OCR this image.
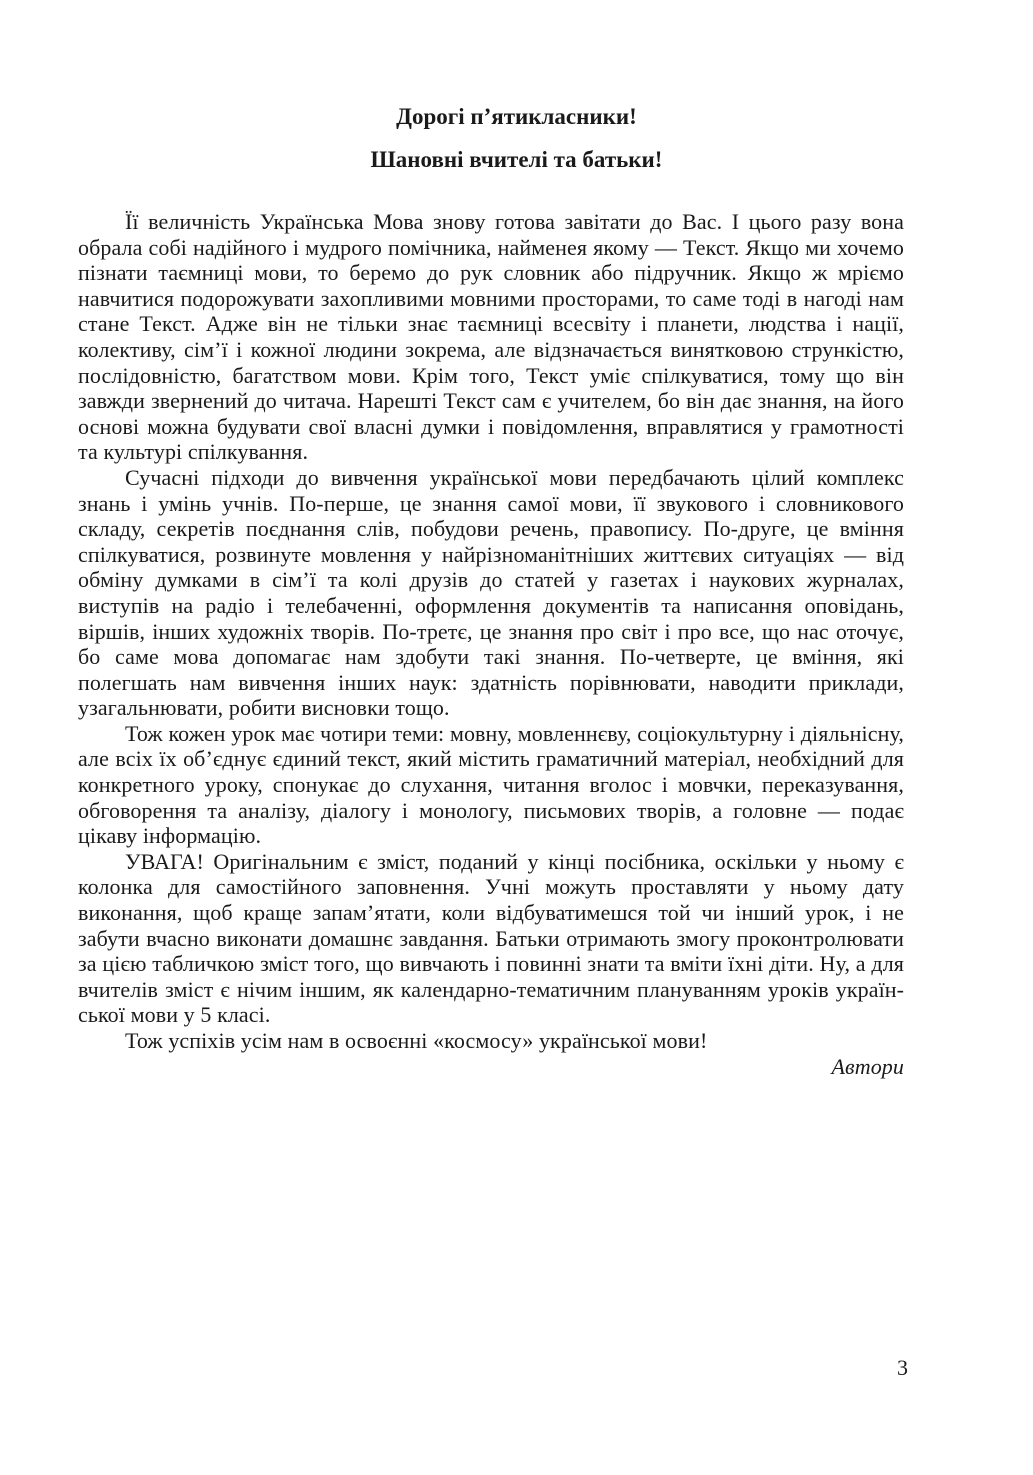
Дорогі п’ятикласники!
Шановні вчителі та батьки!

Її величність Українська Мова знову готова завітати до Вас. І цього разу вона обрала собі надійного і мудрого помічника, найменея якому — Текст. Якщо ми хочемо пізнати таємниці мови, то беремо до рук словник або підручник. Якщо ж мріємо навчитися подорожувати захопливими мовними просторами, то саме тоді в нагоді нам стане Текст. Адже він не тільки знає таємниці всесвіту і планети, людства і нації, колективу, сім’ї і кожної людини зокрема, але відзначається винятковою стрункістю, послідовністю, багатством мови. Крім того, Текст уміє спілкуватися, тому що він завжди звернений до читача. Нарешті Текст сам є учителем, бо він дає знання, на його основі можна будувати свої власні думки і повідомлення, вправлятися у грамотності та культурі спілкування.

Сучасні підходи до вивчення української мови передбачають цілий комплекс знань і умінь учнів. По-перше, це знання самої мови, її звукового і словникового складу, секретів поєднання слів, побудови речень, правопису. По-друге, це вміння спілкуватися, розвинуте мовлення у найрізноманітніших життєвих ситуаціях — від обміну думками в сім’ї та колі друзів до статей у газетах і наукових журналах, виступів на радіо і телебаченні, оформлення документів та написання оповідань, віршів, інших художніх творів. По-третє, це знання про світ і про все, що нас оточує, бо саме мова допомагає нам здобути такі знання. По-четверте, це вміння, які полегшать нам вивчення інших наук: здатність порівнювати, наводити приклади, узагальнювати, робити висновки тощо.

Тож кожен урок має чотири теми: мовну, мовленнєву, соціокультурну і діяльнісну, але всіх їх об’єднує єдиний текст, який містить граматичний матеріал, необхідний для конкретного уроку, спонукає до слухання, читання вголос і мовчки, переказування, обговорення та аналізу, діалогу і монологу, письмових творів, а головне — подає цікаву інформацію.

УВАГА! Оригінальним є зміст, поданий у кінці посібника, оскільки у ньому є колонка для самостійного заповнення. Учні можуть проставляти у ньому дату виконання, щоб краще запам’ятати, коли відбуватимешся той чи інший урок, і не забути вчасно виконати домашнє завдання. Батьки отримають змогу проконтролювати за цією табличкою зміст того, що вивчають і повинні знати та вміти їхні діти. Ну, а для вчителів зміст є нічим іншим, як календарно-тематичним плануванням уроків української мови у 5 класі.

Тож успіхів усім нам в освоєнні «космосу» української мови!

Автори

3
